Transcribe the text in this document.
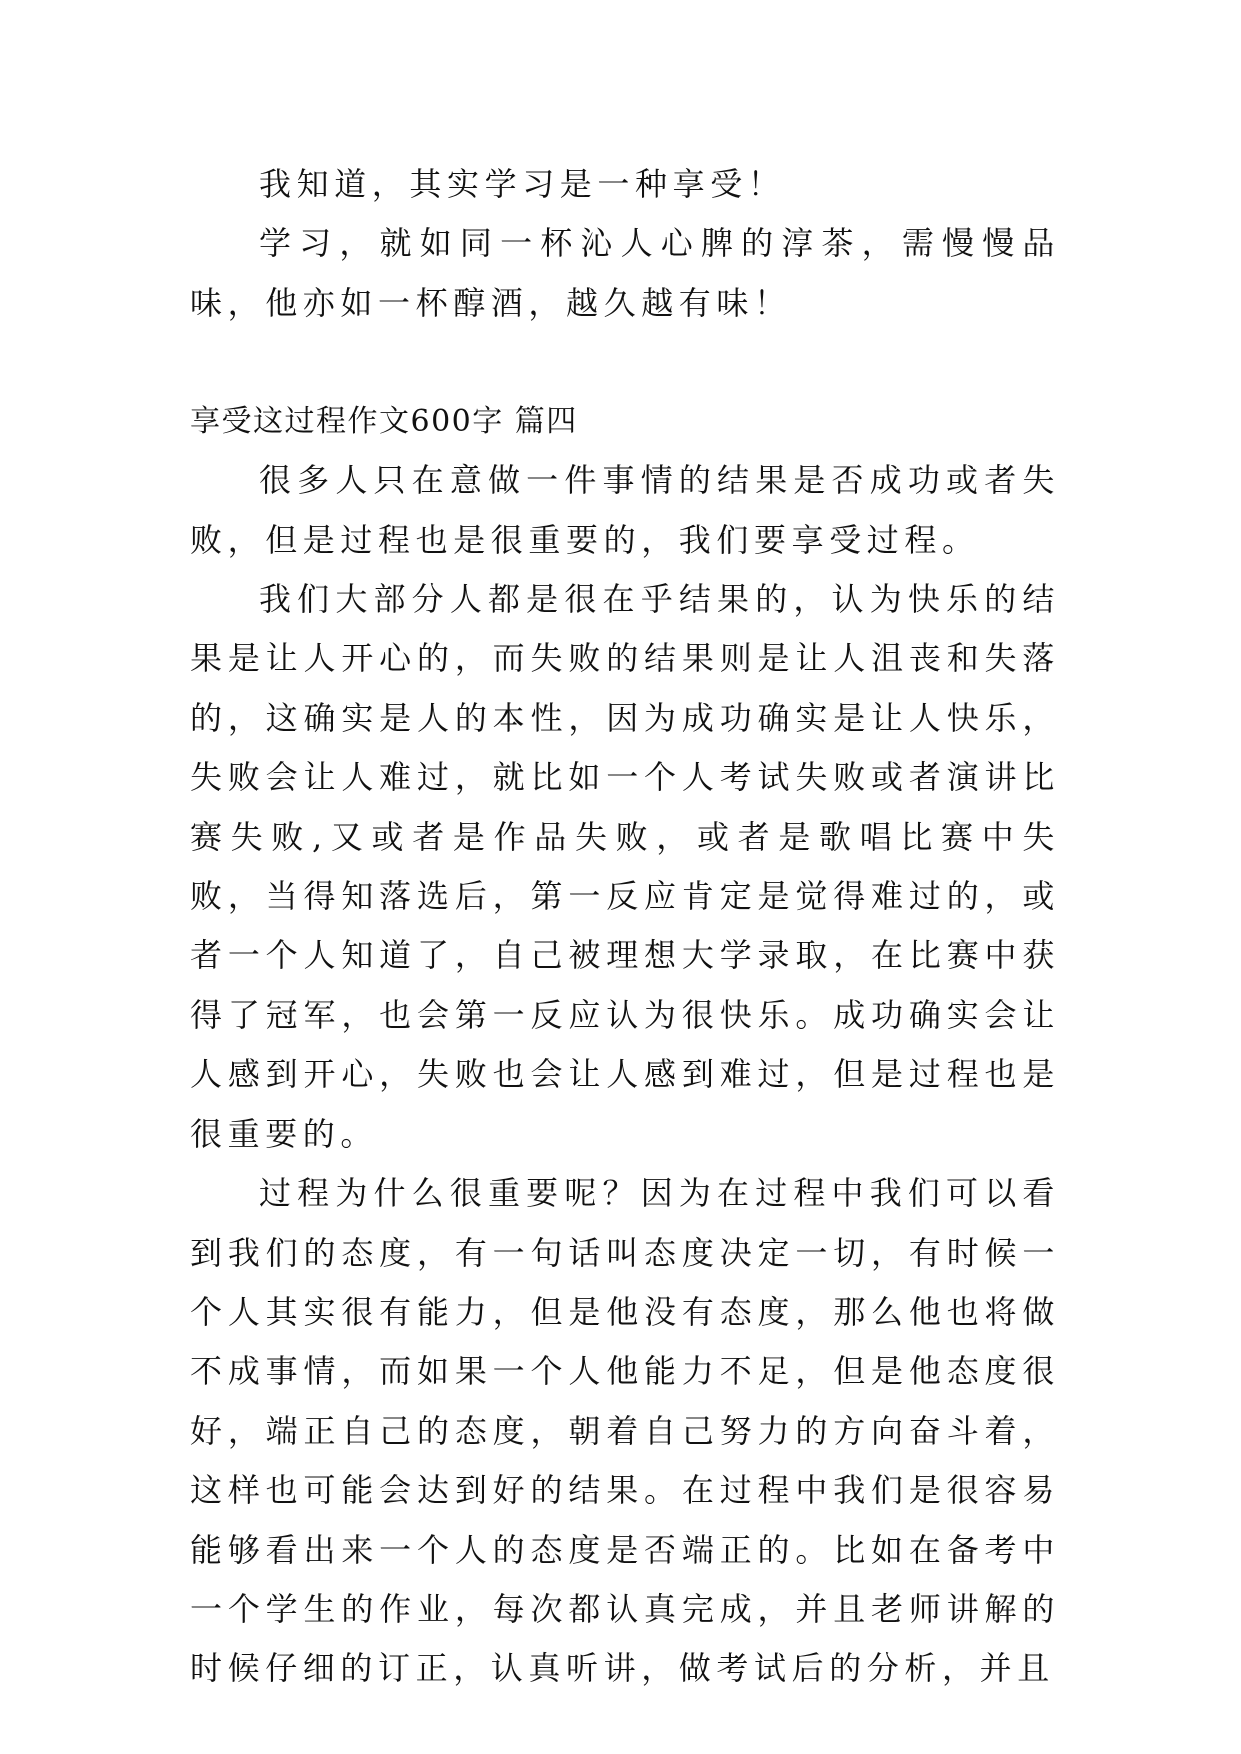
我知道，其实学习是一种享受！

学习，就如同一杯沁人心脾的淳茶，需慢慢品味，他亦如一杯醇酒，越久越有味！

享受这过程作文600字 篇四

很多人只在意做一件事情的结果是否成功或者失败，但是过程也是很重要的，我们要享受过程。

我们大部分人都是很在乎结果的，认为快乐的结果是让人开心的，而失败的结果则是让人沮丧和失落的，这确实是人的本性，因为成功确实是让人快乐，失败会让人难过，就比如一个人考试失败或者演讲比赛失败,又或者是作品失败，或者是歌唱比赛中失败，当得知落选后，第一反应肯定是觉得难过的，或者一个人知道了，自己被理想大学录取，在比赛中获得了冠军，也会第一反应认为很快乐。成功确实会让人感到开心，失败也会让人感到难过，但是过程也是很重要的。

过程为什么很重要呢？因为在过程中我们可以看到我们的态度，有一句话叫态度决定一切，有时候一个人其实很有能力，但是他没有态度，那么他也将做不成事情，而如果一个人他能力不足，但是他态度很好，端正自己的态度，朝着自己努力的方向奋斗着，这样也可能会达到好的结果。在过程中我们是很容易能够看出来一个人的态度是否端正的。比如在备考中一个学生的作业，每次都认真完成，并且老师讲解的时候仔细的订正，认真听讲，做考试后的分析，并且
